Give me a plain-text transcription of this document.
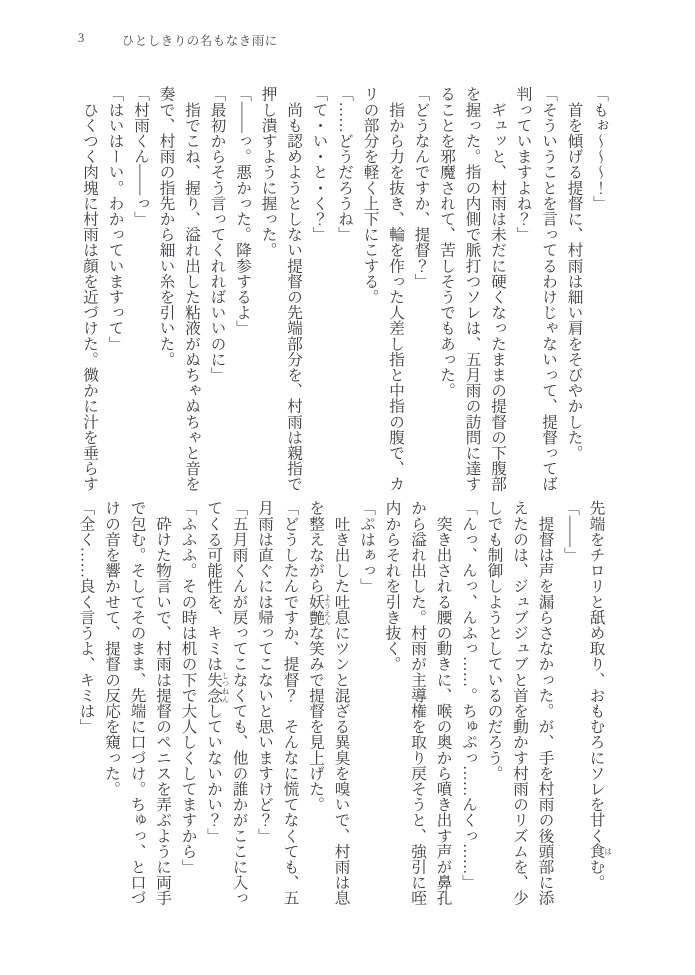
3	ひとしきりの名もなき雨に

「もぉ〜〜〜！」

　首を傾げる提督に、村雨は細い肩をそびやかした。

「そういうことを言ってるわけじゃないって、提督ってば判っていますよね？」

　ギュッと、村雨は未だに硬くなったままの提督の下腹部を握った。指の内側で脈打つソレは、五月雨の訪問に達することを邪魔されて、苦しそうでもあった。

「どうなんですか、提督？」

　指から力を抜き、輪を作った人差し指と中指の腹で、カリの部分を軽く上下にこする。

「……どうだろうね」

「て・い・と・く？」

　尚も認めようとしない提督の先端部分を、村雨は親指で押し潰すように握った。

「――っ。悪かった。降参するよ」

「最初からそう言ってくれればいいのに」

　指でこね、握り、溢れ出した粘液がぬちゃぬちゃと音を奏で、村雨の指先から細い糸を引いた。

「村雨くん――っ」

「はいはーい。わかっていますって」

　ひくつく肉塊に村雨は顔を近づけた。微かに汁を垂らす

先端をチロリと舐め取り、おもむろにソレを甘く食 はむ。

「――」

　提督は声を漏らさなかった。が、手を村雨の後頭部に添えたのは、ジュブジュブと首を動かす村雨のリズムを、少しでも制御しようとしているのだろう。

「んっ、んっ、んふっ……。ちゅぷっ……んくっ……」

　突き出される腰の動きに、喉の奥から噴き出す声が鼻孔から溢れ出した。村雨が主導権を取り戻そうと、強引に咥内からそれを引き抜く。

「ぷはぁっ」

　吐き出した吐息にツンと混ざる異臭を嗅いで、村雨は息を整えながら妖艶 ようえんな笑みで提督を見上げた。

「どうしたんですか、提督？　そんなに慌てなくても、五月雨は直ぐには帰ってこないと思いますけど？」

「五月雨くんが戻ってこなくても、他の誰かがここに入ってくる可能性を、キミは失念 しつねんしていないかい？」

「ふふふ。その時は机の下で大人しくしてますから」

　砕けた物言いで、村雨は提督のペニスを弄ぶように両手で包む。そしてそのまま、先端に口づけ。ちゅっ、と口づけの音を響かせて、提督の反応を窺った。

「全く……良く言うよ、キミは」
